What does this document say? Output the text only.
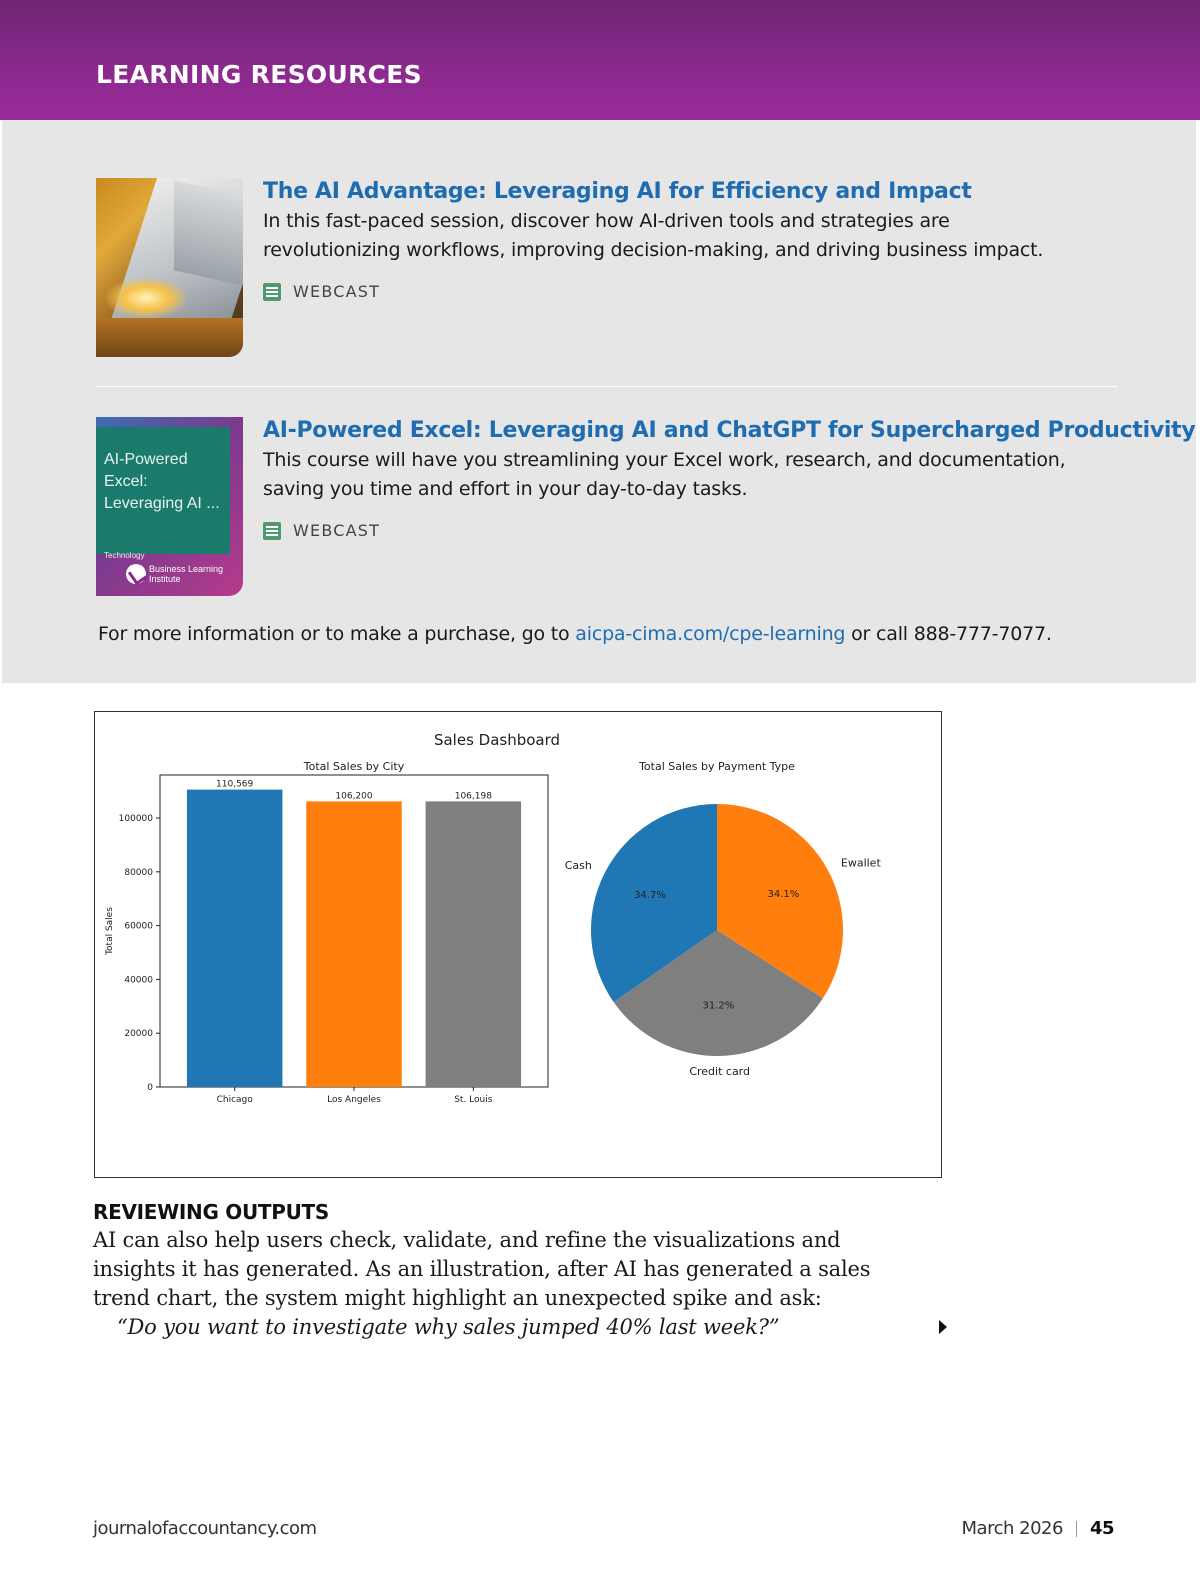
LEARNING RESOURCES
The AI Advantage: Leveraging AI for Efficiency and Impact
In this fast-paced session, discover how AI-driven tools and strategies are
revolutionizing workflows, improving decision-making, and driving business impact.
WEBCAST
AI-Powered Excel: Leveraging AI ...
Technology
Business Learning Institute
AI-Powered Excel: Leveraging AI and ChatGPT for Supercharged Productivity
This course will have you streamlining your Excel work, research, and documentation,
saving you time and effort in your day-to-day tasks.
WEBCAST
For more information or to make a purchase, go to aicpa-cima.com/cpe-learning or call 888-777-7077.
Sales Dashboard
Total Sales by City
0
20000
40000
60000
80000
100000
Total Sales
110,569
Chicago
106,200
Los Angeles
106,198
St. Louis
Total Sales by Payment Type
34.7%
Cash
31.2%
Credit card
34.1%
Ewallet
REVIEWING OUTPUTS
AI can also help users check, validate, and refine the visualizations and
insights it has generated. As an illustration, after AI has generated a sales
trend chart, the system might highlight an unexpected spike and ask:
“Do you want to investigate why sales jumped 40% last week?”
journalofaccountancy.com	March 2026 45
